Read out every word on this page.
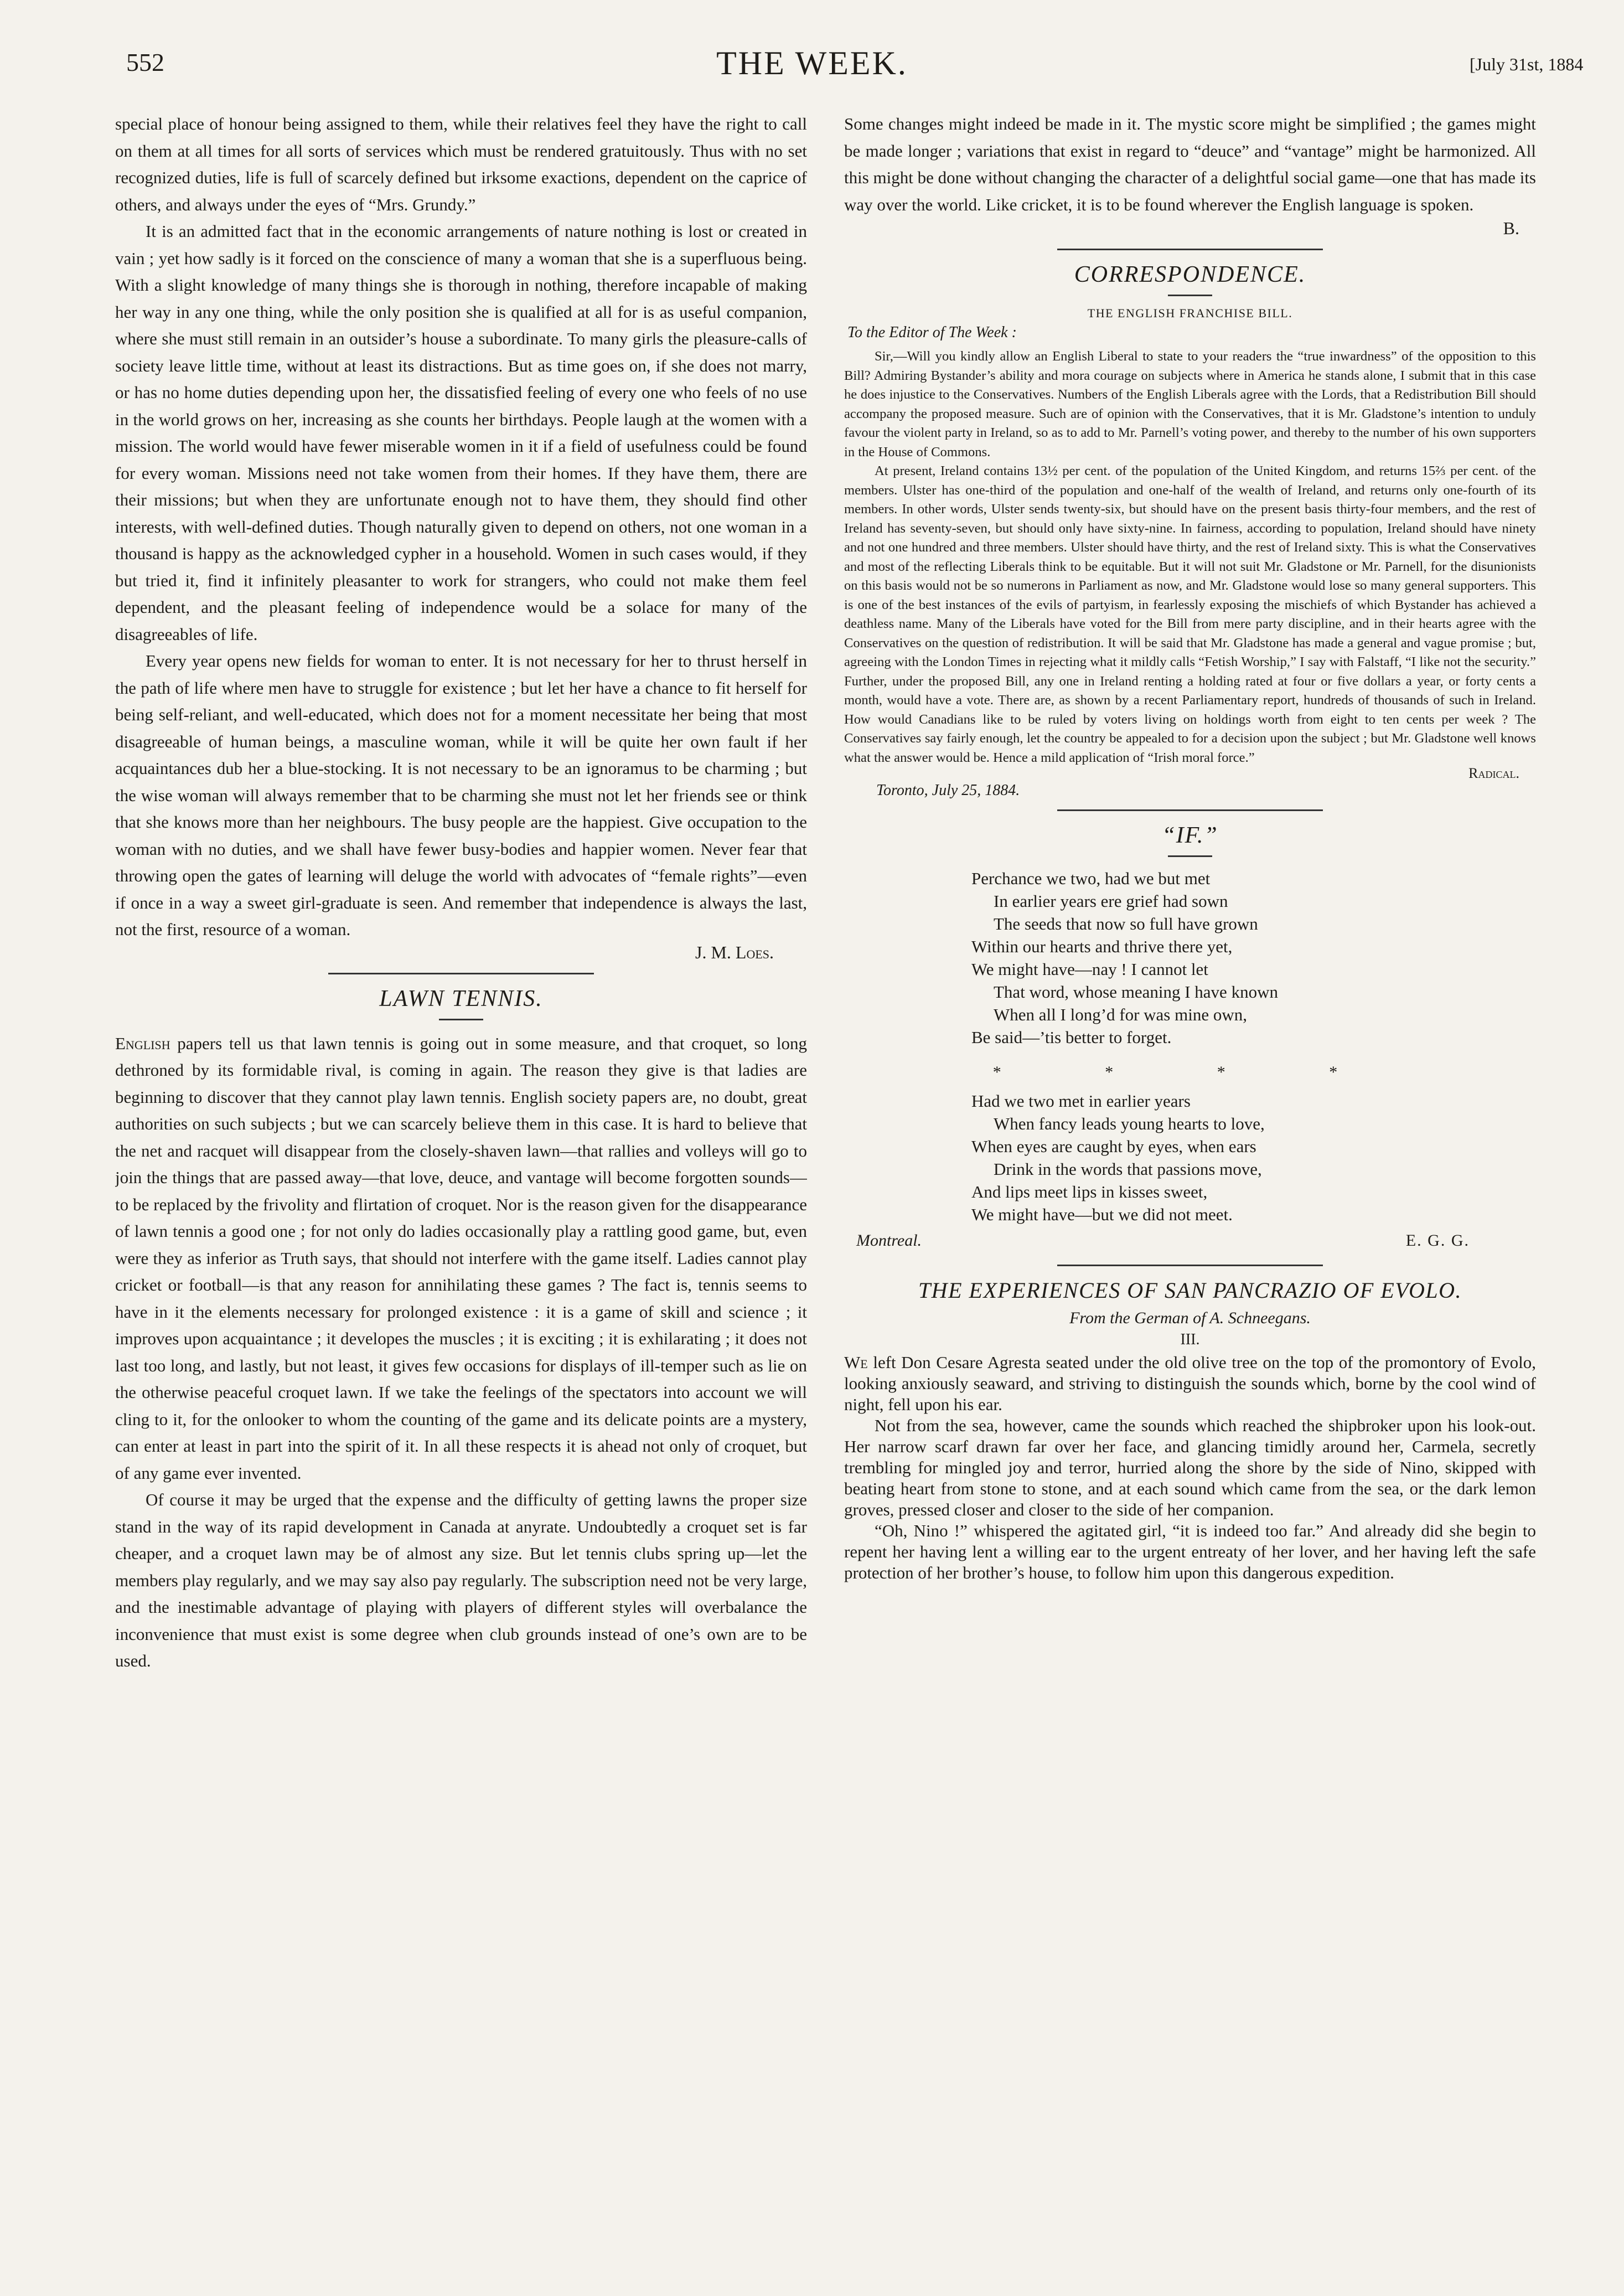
552	THE WEEK.	[July 31st, 1884

special place of honour being assigned to them, while their relatives feel they have the right to call on them at all times for all sorts of services which must be rendered gratuitously. Thus with no set recognized duties, life is full of scarcely defined but irksome exactions, dependent on the caprice of others, and always under the eyes of “Mrs. Grundy.”

It is an admitted fact that in the economic arrangements of nature nothing is lost or created in vain ; yet how sadly is it forced on the conscience of many a woman that she is a superfluous being. With a slight knowledge of many things she is thorough in nothing, therefore incapable of making her way in any one thing, while the only position she is qualified at all for is as useful companion, where she must still remain in an outsider’s house a subordinate. To many girls the pleasure-calls of society leave little time, without at least its distractions. But as time goes on, if she does not marry, or has no home duties depending upon her, the dissatisfied feeling of every one who feels of no use in the world grows on her, increasing as she counts her birthdays. People laugh at the women with a mission. The world would have fewer miserable women in it if a field of usefulness could be found for every woman. Missions need not take women from their homes. If they have them, there are their missions; but when they are unfortunate enough not to have them, they should find other interests, with well-defined duties. Though naturally given to depend on others, not one woman in a thousand is happy as the acknowledged cypher in a household. Women in such cases would, if they but tried it, find it infinitely pleasanter to work for strangers, who could not make them feel dependent, and the pleasant feeling of independence would be a solace for many of the disagreeables of life.

Every year opens new fields for woman to enter. It is not necessary for her to thrust herself in the path of life where men have to struggle for existence ; but let her have a chance to fit herself for being self-reliant, and well-educated, which does not for a moment necessitate her being that most disagreeable of human beings, a masculine woman, while it will be quite her own fault if her acquaintances dub her a blue-stocking. It is not necessary to be an ignoramus to be charming ; but the wise woman will always remember that to be charming she must not let her friends see or think that she knows more than her neighbours. The busy people are the happiest. Give occupation to the woman with no duties, and we shall have fewer busy-bodies and happier women. Never fear that throwing open the gates of learning will deluge the world with advocates of “female rights”—even if once in a way a sweet girl-graduate is seen. And remember that independence is always the last, not the first, resource of a woman.

J. M. Loes.
LAWN TENNIS.

English papers tell us that lawn tennis is going out in some measure, and that croquet, so long dethroned by its formidable rival, is coming in again. The reason they give is that ladies are beginning to discover that they cannot play lawn tennis. English society papers are, no doubt, great authorities on such subjects ; but we can scarcely believe them in this case. It is hard to believe that the net and racquet will disappear from the closely-shaven lawn—that rallies and volleys will go to join the things that are passed away—that love, deuce, and vantage will become forgotten sounds—to be replaced by the frivolity and flirtation of croquet. Nor is the reason given for the disappearance of lawn tennis a good one ; for not only do ladies occasionally play a rattling good game, but, even were they as inferior as Truth says, that should not interfere with the game itself. Ladies cannot play cricket or football—is that any reason for annihilating these games ? The fact is, tennis seems to have in it the elements necessary for prolonged existence : it is a game of skill and science ; it improves upon acquaintance ; it developes the muscles ; it is exciting ; it is exhilarating ; it does not last too long, and lastly, but not least, it gives few occasions for displays of ill-temper such as lie on the otherwise peaceful croquet lawn. If we take the feelings of the spectators into account we will cling to it, for the onlooker to whom the counting of the game and its delicate points are a mystery, can enter at least in part into the spirit of it. In all these respects it is ahead not only of croquet, but of any game ever invented.

Of course it may be urged that the expense and the difficulty of getting lawns the proper size stand in the way of its rapid development in Canada at anyrate. Undoubtedly a croquet set is far cheaper, and a croquet lawn may be of almost any size. But let tennis clubs spring up—let the members play regularly, and we may say also pay regularly. The subscription need not be very large, and the inestimable advantage of playing with players of different styles will overbalance the inconvenience that must exist is some degree when club grounds instead of one’s own are to be used.

Some changes might indeed be made in it. The mystic score might be simplified ; the games might be made longer ; variations that exist in regard to “deuce” and “vantage” might be harmonized. All this might be done without changing the character of a delightful social game—one that has made its way over the world. Like cricket, it is to be found wherever the English language is spoken.

B.
CORRESPONDENCE.
THE ENGLISH FRANCHISE BILL.
To the Editor of The Week :

Sir,—Will you kindly allow an English Liberal to state to your readers the “true inwardness” of the opposition to this Bill? Admiring Bystander’s ability and mora courage on subjects where in America he stands alone, I submit that in this case he does injustice to the Conservatives. Numbers of the English Liberals agree with the Lords, that a Redistribution Bill should accompany the proposed measure. Such are of opinion with the Conservatives, that it is Mr. Gladstone’s intention to unduly favour the violent party in Ireland, so as to add to Mr. Parnell’s voting power, and thereby to the number of his own supporters in the House of Commons.

At present, Ireland contains 13½ per cent. of the population of the United Kingdom, and returns 15⅔ per cent. of the members. Ulster has one-third of the population and one-half of the wealth of Ireland, and returns only one-fourth of its members. In other words, Ulster sends twenty-six, but should have on the present basis thirty-four members, and the rest of Ireland has seventy-seven, but should only have sixty-nine. In fairness, according to population, Ireland should have ninety and not one hundred and three members. Ulster should have thirty, and the rest of Ireland sixty. This is what the Conservatives and most of the reflecting Liberals think to be equitable. But it will not suit Mr. Gladstone or Mr. Parnell, for the disunionists on this basis would not be so numerons in Parliament as now, and Mr. Gladstone would lose so many general supporters. This is one of the best instances of the evils of partyism, in fearlessly exposing the mischiefs of which Bystander has achieved a deathless name. Many of the Liberals have voted for the Bill from mere party discipline, and in their hearts agree with the Conservatives on the question of redistribution. It will be said that Mr. Gladstone has made a general and vague promise ; but, agreeing with the London Times in rejecting what it mildly calls “Fetish Worship,” I say with Falstaff, “I like not the security.” Further, under the proposed Bill, any one in Ireland renting a holding rated at four or five dollars a year, or forty cents a month, would have a vote. There are, as shown by a recent Parliamentary report, hundreds of thousands of such in Ireland. How would Canadians like to be ruled by voters living on holdings worth from eight to ten cents per week ? The Conservatives say fairly enough, let the country be appealed to for a decision upon the subject ; but Mr. Gladstone well knows what the answer would be. Hence a mild application of “Irish moral force.”

Radical.
Toronto, July 25, 1884.
“IF.”
Perchance we two, had we but met
In earlier years ere grief had sown
The seeds that now so full have grown
Within our hearts and thrive there yet,
We might have—nay ! I cannot let
That word, whose meaning I have known
When all I long’d for was mine own,
Be said—’tis better to forget.
* * * *
Had we two met in earlier years
When fancy leads young hearts to love,
When eyes are caught by eyes, when ears
Drink in the words that passions move,
And lips meet lips in kisses sweet,
We might have—but we did not meet.
Montreal.	E. G. G.
THE EXPERIENCES OF SAN PANCRAZIO OF EVOLO.
From the German of A. Schneegans.
III.

We left Don Cesare Agresta seated under the old olive tree on the top of the promontory of Evolo, looking anxiously seaward, and striving to distinguish the sounds which, borne by the cool wind of night, fell upon his ear.

Not from the sea, however, came the sounds which reached the shipbroker upon his look-out. Her narrow scarf drawn far over her face, and glancing timidly around her, Carmela, secretly trembling for mingled joy and terror, hurried along the shore by the side of Nino, skipped with beating heart from stone to stone, and at each sound which came from the sea, or the dark lemon groves, pressed closer and closer to the side of her companion.

“Oh, Nino !” whispered the agitated girl, “it is indeed too far.” And already did she begin to repent her having lent a willing ear to the urgent entreaty of her lover, and her having left the safe protection of her brother’s house, to follow him upon this dangerous expedition.
